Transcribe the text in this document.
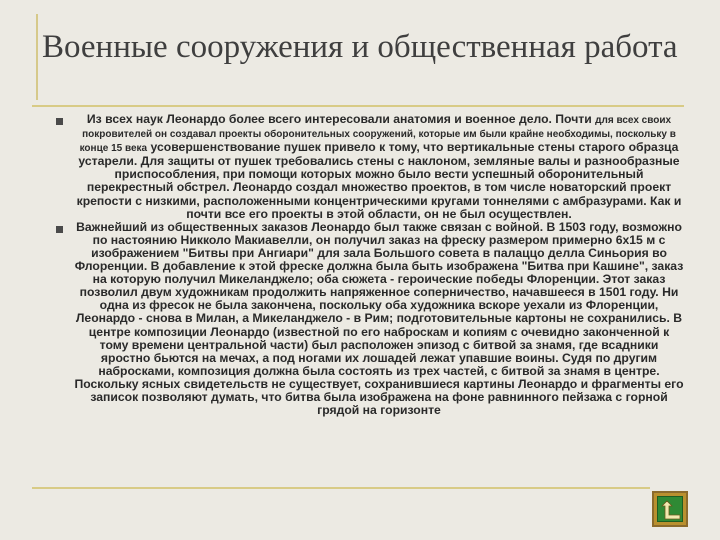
Военные сооружения и общественная работа

Из всех наук Леонардо более всего интересовали анатомия и военное дело. Почти для всех своих покровителей он создавал проекты оборонительных сооружений, которые им были крайне необходимы, поскольку в конце 15 века усовершенствование пушек привело к тому, что вертикальные стены старого образца устарели. Для защиты от пушек требовались стены с наклоном, земляные валы и разнообразные приспособления, при помощи которых можно было вести успешный оборонительный перекрестный обстрел. Леонардо создал множество проектов, в том числе новаторский проект крепости с низкими, расположенными концентрическими кругами тоннелями с амбразурами. Как и почти все его проекты в этой области, он не был осуществлен.

Важнейший из общественных заказов Леонардо был также связан с войной. В 1503 году, возможно по настоянию Никколо Макиавелли, он получил заказ на фреску размером примерно 6х15 м с изображением "Битвы при Ангиари" для зала Большого совета в палаццо делла Синьория во Флоренции. В добавление к этой фреске должна была быть изображена "Битва при Кашине", заказ на которую получил Микеланджело; оба сюжета - героические победы Флоренции. Этот заказ позволил двум художникам продолжить напряженное соперничество, начавшееся в 1501 году. Ни одна из фресок не была закончена, поскольку оба художника вскоре уехали из Флоренции, Леонардо - снова в Милан, а Микеланджело - в Рим; подготовительные картоны не сохранились. В центре композиции Леонардо (известной по его наброскам и копиям с очевидно законченной к тому времени центральной части) был расположен эпизод с битвой за знамя, где всадники яростно бьются на мечах, а под ногами их лошадей лежат упавшие воины. Судя по другим набросками, композиция должна была состоять из трех частей, с битвой за знамя в центре. Поскольку ясных свидетельств не существует, сохранившиеся картины Леонардо и фрагменты его записок позволяют думать, что битва была изображена на фоне равнинного пейзажа с горной грядой на горизонте
